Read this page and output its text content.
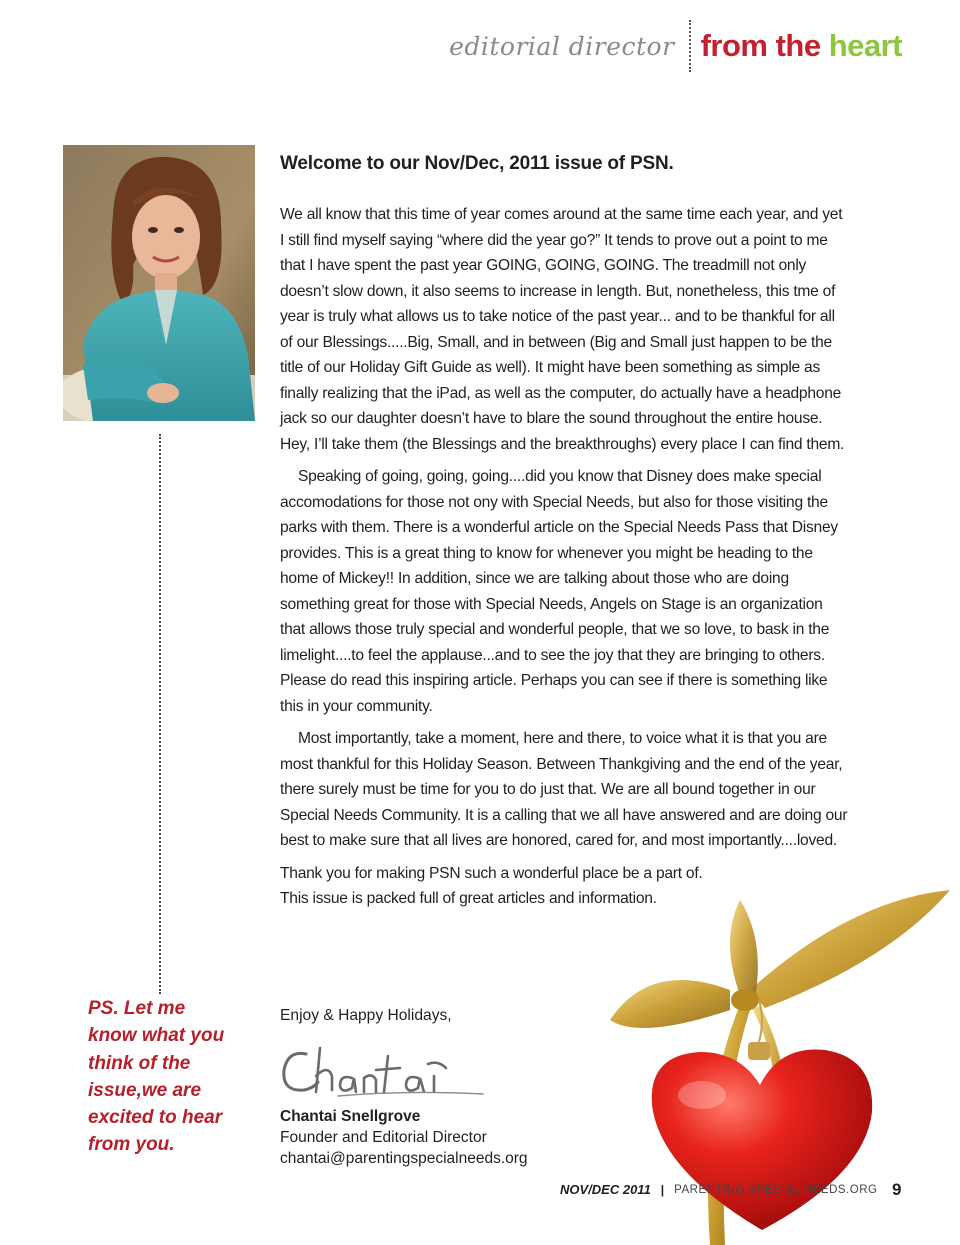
editorial director from the heart
PS. Let me
know what you
think of the
issue,we are
excited to hear
from you.

Welcome to our Nov/Dec, 2011 issue of PSN.

We all know that this time of year comes around at the same time each year, and yet I still find myself saying “where did the year go?” It tends to prove out a point to me that I have spent the past year GOING, GOING, GOING. The treadmill not only doesn’t slow down, it also seems to increase in length. But, nonetheless, this tme of year is truly what allows us to take notice of the past year... and to be thankful for all of our Blessings.....Big, Small, and in between (Big and Small just happen to be the title of our Holiday Gift Guide as well). It might have been something as simple as finally realizing that the iPad, as well as the computer, do actually have a headphone jack so our daughter doesn’t have to blare the sound throughout the entire house. Hey, I’ll take them (the Blessings and the breakthroughs) every place I can find them.

Speaking of going, going, going....did you know that Disney does make special accomodations for those not ony with Special Needs, but also for those visiting the parks with them. There is a wonderful article on the Special Needs Pass that Disney provides. This is a great thing to know for whenever you might be heading to the home of Mickey!! In addition, since we are talking about those who are doing something great for those with Special Needs, Angels on Stage is an organization that allows those truly special and wonderful people, that we so love, to bask in the limelight....to feel the applause...and to see the joy that they are bringing to others. Please do read this inspiring article. Perhaps you can see if there is something like this in your community.

Most importantly, take a moment, here and there, to voice what it is that you are most thankful for this Holiday Season. Between Thankgiving and the end of the year, there surely must be time for you to do just that. We are all bound together in our Special Needs Community. It is a calling that we all have answered and are doing our best to make sure that all lives are honored, cared for, and most importantly....loved.

Thank you for making PSN such a wonderful place be a part of.

This issue is packed full of great articles and information.

Enjoy & Happy Holidays,
Chantai Snellgrove
Founder and Editorial Director
chantai@parentingspecialneeds.org
NOV/DEC 2011 | PARENTING SPECIAL NEEDS.ORG 9
